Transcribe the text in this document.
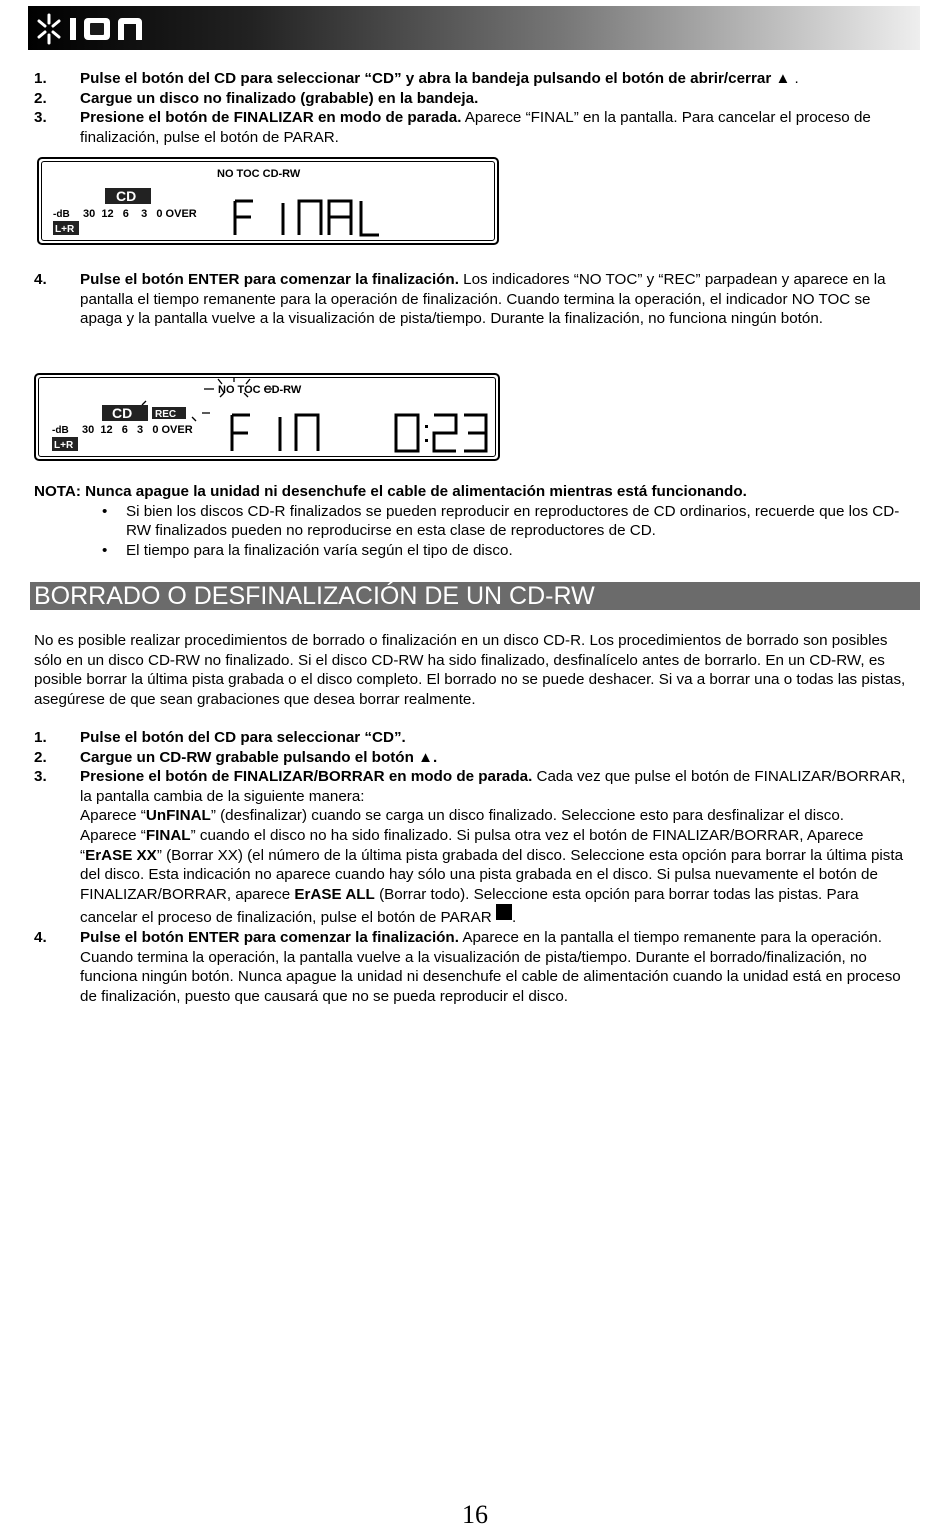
1.	Pulse el botón del CD para seleccionar “CD” y abra la bandeja pulsando el botón de abrir/cerrar ▲ .
2.	Cargue un disco no finalizado (grabable) en la bandeja.
3.	Presione el botón de FINALIZAR en modo de parada. Aparece “FINAL” en la pantalla. Para cancelar el proceso de finalización, pulse el botón de PARAR.
NO TOC CD-RW
CD
-dB 30  12   6    3   0 OVER
L+R
4.	Pulse el botón ENTER para comenzar la finalización. Los indicadores “NO TOC” y “REC” parpadean y aparece en la pantalla el tiempo remanente para la operación de finalización. Cuando termina la operación, el indicador NO TOC se apaga y la pantalla vuelve a la visualización de pista/tiempo. Durante la finalización, no funciona ningún botón.
NO TOC CD-RW
CD REC
-dB 30  12   6   3   0 OVER
L+R
NOTA: Nunca apague la unidad ni desenchufe el cable de alimentación mientras está funcionando.
•	Si bien los discos CD-R finalizados se pueden reproducir en reproductores de CD ordinarios, recuerde que los CD-RW finalizados pueden no reproducirse en esta clase de reproductores de CD.
•	El tiempo para la finalización varía según el tipo de disco.
BORRADO O DESFINALIZACIÓN DE UN CD-RW
No es posible realizar procedimientos de borrado o finalización en un disco CD-R. Los procedimientos de borrado son posibles sólo en un disco CD-RW no finalizado. Si el disco CD-RW ha sido finalizado, desfinalícelo antes de borrarlo. En un CD-RW, es posible borrar la última pista grabada o el disco completo. El borrado no se puede deshacer. Si va a borrar una o todas las pistas, asegúrese de que sean grabaciones que desea borrar realmente.
1.	Pulse el botón del CD para seleccionar “CD”.
2.	Cargue un CD-RW grabable pulsando el botón ▲.
3.	Presione el botón de FINALIZAR/BORRAR en modo de parada. Cada vez que pulse el botón de FINALIZAR/BORRAR, la pantalla cambia de la siguiente manera:
Aparece “UnFINAL” (desfinalizar) cuando se carga un disco finalizado. Seleccione esto para desfinalizar el disco.
Aparece “FINAL” cuando el disco no ha sido finalizado. Si pulsa otra vez el botón de FINALIZAR/BORRAR, Aparece “ErASE XX” (Borrar XX) (el número de la última pista grabada del disco. Seleccione esta opción para borrar la última pista del disco. Esta indicación no aparece cuando hay sólo una pista grabada en el disco. Si pulsa nuevamente el botón de FINALIZAR/BORRAR, aparece ErASE ALL (Borrar todo). Seleccione esta opción para borrar todas las pistas. Para cancelar el proceso de finalización, pulse el botón de PARAR .
4.	Pulse el botón ENTER para comenzar la finalización. Aparece en la pantalla el tiempo remanente para la operación. Cuando termina la operación, la pantalla vuelve a la visualización de pista/tiempo. Durante el borrado/finalización, no funciona ningún botón. Nunca apague la unidad ni desenchufe el cable de alimentación cuando la unidad está en proceso de finalización, puesto que causará que no se pueda reproducir el disco.
16
